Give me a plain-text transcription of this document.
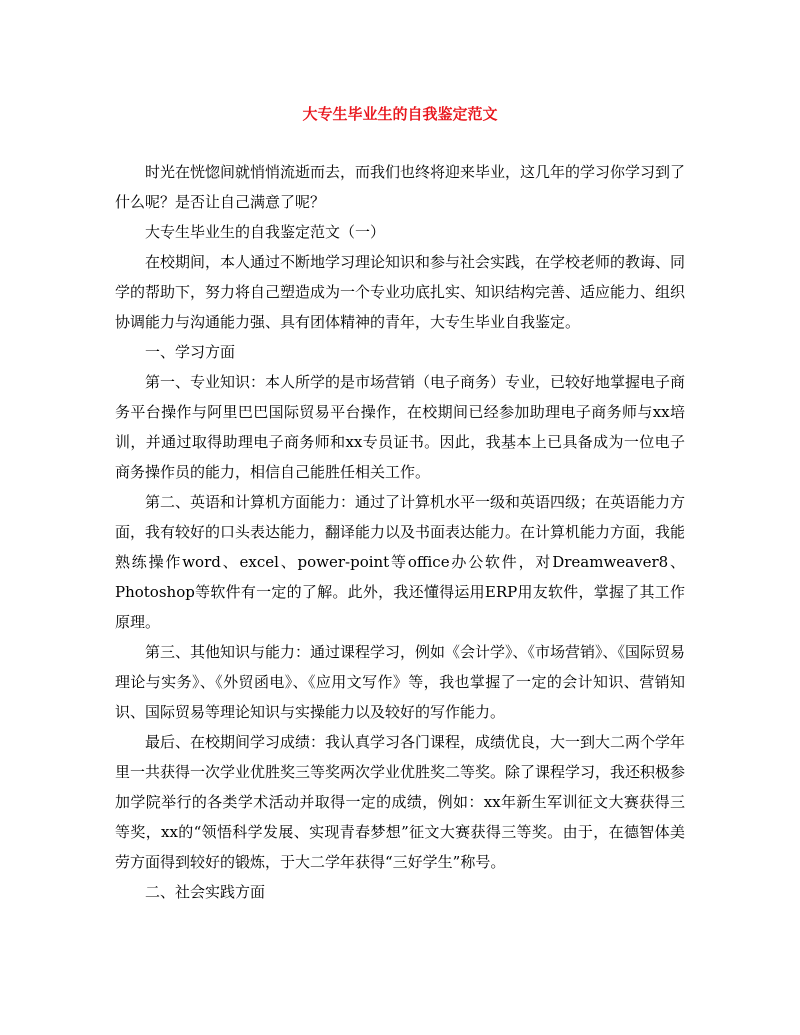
大专生毕业生的自我鉴定范文

时光在恍惚间就悄悄流逝而去，而我们也终将迎来毕业，这几年的学习你学习到了什么呢？是否让自己满意了呢？

大专生毕业生的自我鉴定范文（一）

在校期间，本人通过不断地学习理论知识和参与社会实践，在学校老师的教诲、同学的帮助下，努力将自己塑造成为一个专业功底扎实、知识结构完善、适应能力、组织协调能力与沟通能力强、具有团体精神的青年，大专生毕业自我鉴定。

一、学习方面

第一、专业知识：本人所学的是市场营销（电子商务）专业，已较好地掌握电子商务平台操作与阿里巴巴国际贸易平台操作，在校期间已经参加助理电子商务师与xx培训，并通过取得助理电子商务师和xx专员证书。因此，我基本上已具备成为一位电子商务操作员的能力，相信自己能胜任相关工作。

第二、英语和计算机方面能力：通过了计算机水平一级和英语四级；在英语能力方面，我有较好的口头表达能力，翻译能力以及书面表达能力。在计算机能力方面，我能熟练操作word、excel、power-point等office办公软件，对Dreamweaver8、Photoshop等软件有一定的了解。此外，我还懂得运用ERP用友软件，掌握了其工作原理。

第三、其他知识与能力：通过课程学习，例如《会计学》、《市场营销》、《国际贸易理论与实务》、《外贸函电》、《应用文写作》等，我也掌握了一定的会计知识、营销知识、国际贸易等理论知识与实操能力以及较好的写作能力。

最后、在校期间学习成绩：我认真学习各门课程，成绩优良，大一到大二两个学年里一共获得一次学业优胜奖三等奖两次学业优胜奖二等奖。除了课程学习，我还积极参加学院举行的各类学术活动并取得一定的成绩，例如：xx年新生军训征文大赛获得三等奖，xx的“领悟科学发展、实现青春梦想”征文大赛获得三等奖。由于，在德智体美劳方面得到较好的锻炼，于大二学年获得“三好学生”称号。

二、社会实践方面
